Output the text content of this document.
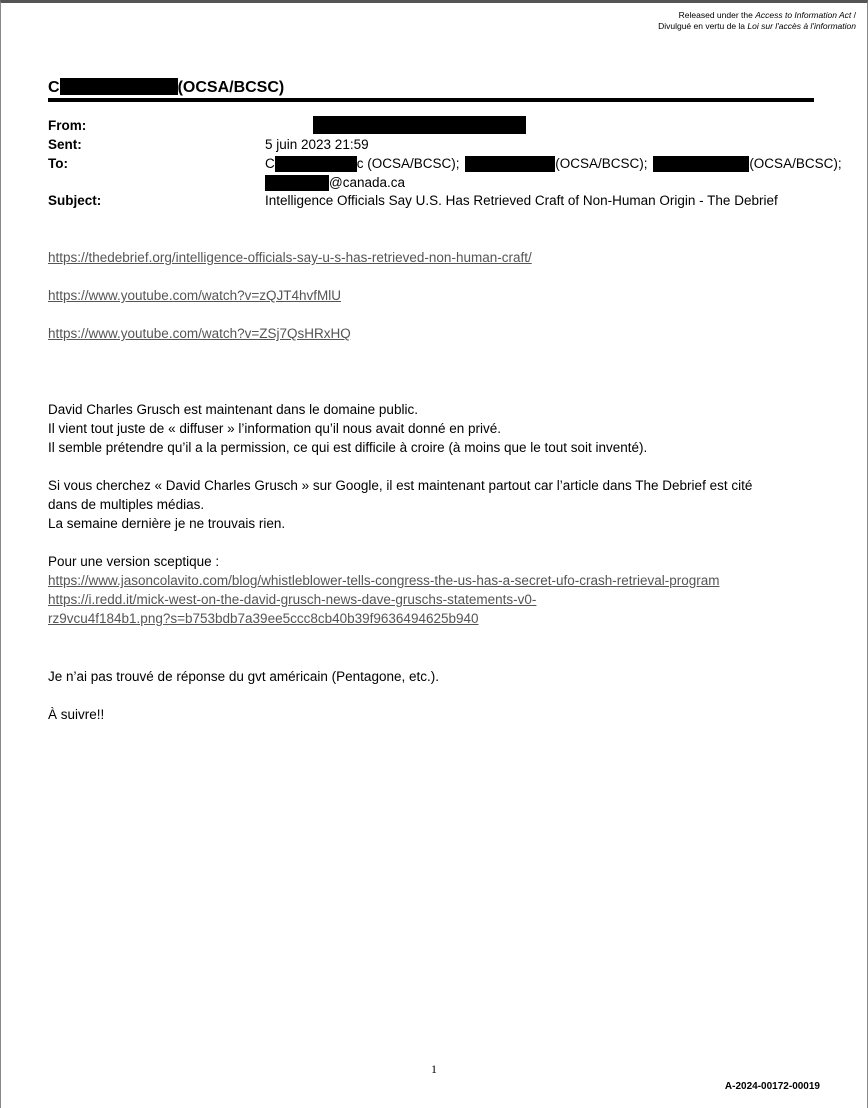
Released under the Access to Information Act /
Divulgué en vertu de la Loi sur l'accès à l'information
C	(OCSA/BCSC)
From:
Sent:	5 juin 2023 21:59
To:	C	c (OCSA/BCSC);	(OCSA/BCSC);	(OCSA/BCSC);
@canada.ca
Subject:	Intelligence Officials Say U.S. Has Retrieved Craft of Non-Human Origin - The Debrief
https://thedebrief.org/intelligence-officials-say-u-s-has-retrieved-non-human-craft/
https://www.youtube.com/watch?v=zQJT4hvfMlU
https://www.youtube.com/watch?v=ZSj7QsHRxHQ
David Charles Grusch est maintenant dans le domaine public.
Il vient tout juste de « diffuser » l’information qu’il nous avait donné en privé.
Il semble prétendre qu’il a la permission, ce qui est difficile à croire (à moins que le tout soit inventé).
Si vous cherchez « David Charles Grusch » sur Google, il est maintenant partout car l’article dans The Debrief est cité
dans de multiples médias.
La semaine dernière je ne trouvais rien.
Pour une version sceptique :
https://www.jasoncolavito.com/blog/whistleblower-tells-congress-the-us-has-a-secret-ufo-crash-retrieval-program
https://i.redd.it/mick-west-on-the-david-grusch-news-dave-gruschs-statements-v0-
rz9vcu4f184b1.png?s=b753bdb7a39ee5ccc8cb40b39f9636494625b940
Je n’ai pas trouvé de réponse du gvt américain (Pentagone, etc.).
À suivre!!
1
A-2024-00172-00019
